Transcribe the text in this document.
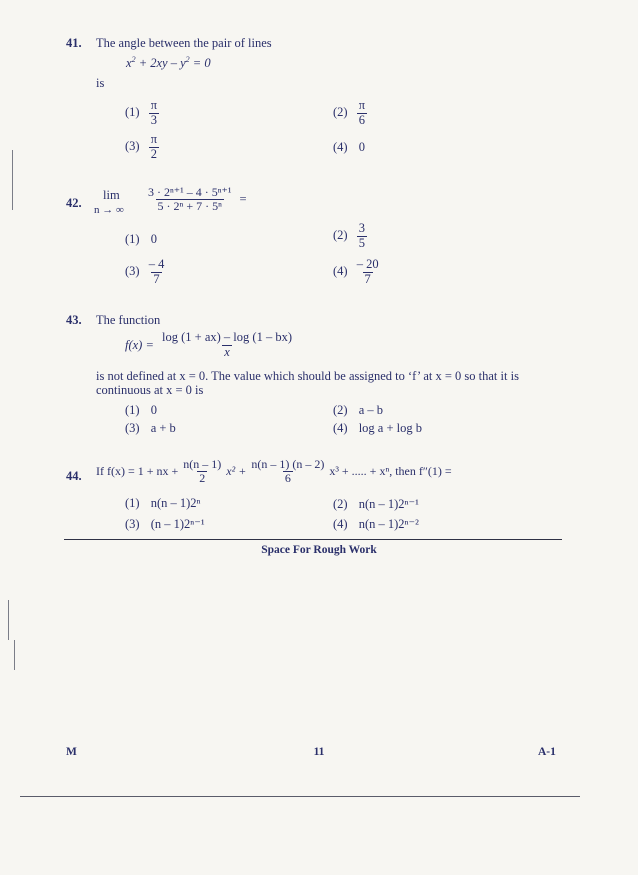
41. The angle between the pair of lines
$x^2 + 2xy - y^2 = 0$
is
$(1) \frac{\pi}{3}$	$(2) \frac{\pi}{6}$
$(3) \frac{\pi}{2}$	(4) 0
42.
lim
n → ∞ $\frac{\text{3 · 2ⁿ⁺¹ – 4 · 5ⁿ⁺¹}}{\text{5 · 2ⁿ + 7 · 5ⁿ}}$ =
(1) 0	$(2) \frac{3}{5}$
$(3) \frac{- 4}{7}$	$(4) \frac{- 20}{7}$
43. The function
$f(x) = \frac{\log (1 + ax) - \log (1 - bx)}{x}$
is not defined at x = 0. The value which should be assigned to ‘f’ at x = 0 so that it is
continuous at x = 0 is
(1) 0	(2) a – b
(3) a + b	(4) log a + log b
44. If f(x) = 1 + nx + $\frac{n(n - 1)}{2} x^2 + \frac{n(n - 1) (n - 2)}{6} x^3$ + ..... + xⁿ, then f″(1) =
(1) n(n – 1)2ⁿ	(2) n(n – 1)2ⁿ⁻¹
(3) (n – 1)2ⁿ⁻¹	(4) n(n – 1)2ⁿ⁻²
Space For Rough Work
M	11	A-1
